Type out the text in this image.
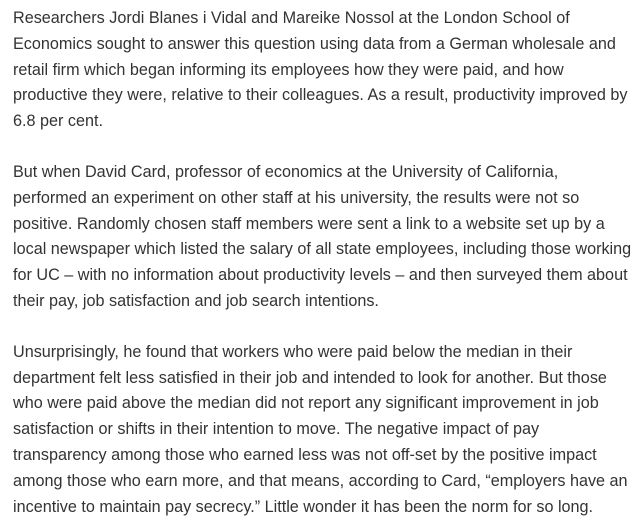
Researchers Jordi Blanes i Vidal and Mareike Nossol at the London School of Economics sought to answer this question using data from a German wholesale and retail firm which began informing its employees how they were paid, and how productive they were, relative to their colleagues. As a result, productivity improved by 6.8 per cent.

But when David Card, professor of economics at the University of California, performed an experiment on other staff at his university, the results were not so positive. Randomly chosen staff members were sent a link to a website set up by a local newspaper which listed the salary of all state employees, including those working for UC – with no information about productivity levels – and then surveyed them about their pay, job satisfaction and job search intentions.

Unsurprisingly, he found that workers who were paid below the median in their department felt less satisfied in their job and intended to look for another. But those who were paid above the median did not report any significant improvement in job satisfaction or shifts in their intention to move. The negative impact of pay transparency among those who earned less was not off-set by the positive impact among those who earn more, and that means, according to Card, “employers have an incentive to maintain pay secrecy.” Little wonder it has been the norm for so long.
